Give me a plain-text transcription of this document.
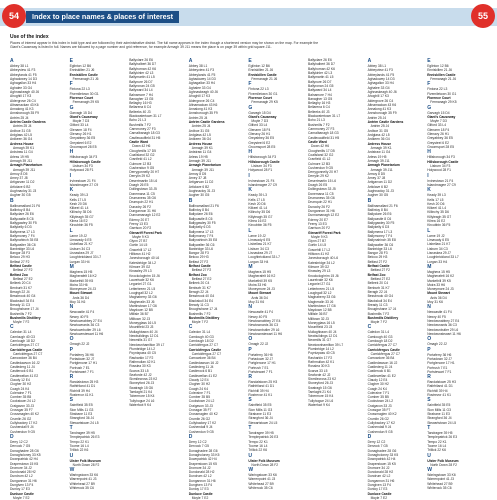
54	Index to place names & places of interest	55
Use of the index
Places of interest appear in this index in bold type and are followed by their administrative district. The full name appears in the index though a shortened version may be shown on the map. For example the Giant's Causeway is listed in full. Names are followed by a page number and grid reference, for example Armagh 39 J11 means the place is on page 39 within grid square J11.
A
Abbey 38 L1
Abbeyview 41 F3
Abbeylands 41 F5
Aghadowey 14 D3
Aghagallon 33 H4
Aghalee 33 G4
Aghnaskeagh 40 J6
Ahoghill 17 K3
Aldergrove 26 C4
Altnamackan 43 K6
Annalong 41 K3
Annsborough 35 F9
Antrim 25 J4
Antrim Castle Gardens
Antrim 25 J4
Ardboe 31 G5
Ardglass 42 L5
Ardkeen 36 G4
Ardress House
Armagh 39 K1
Ardstraw 11 G4
Arless 19 H5
Armagh 39 J11
Armagh Planetarium
Armagh 39 J11
Armoy 8 D5
Arney 37 J8
Artigarvan 11 D2
Articlave 6 B2
Aughnacloy 31 J3
Augher 30 G5
B
Ballinamallard 21 F6
Ballintoy 8 B4
Ballyclare 26 E6
Ballycastle 8 C6
Ballygawley 30 F5
Ballykelly 6 D3
Ballymena 17 L3
Ballymoney 7 F4
Ballynahinch 35 E8
Ballywalter 36 C6
Banbridge 33 L6
Bangor 28 F3
Belcoo 29 H3
Belfast 27 F2
Belfast Castle
Belfast 27 F2
Belfast Zoo
Belfast 27 E2
Belleek 20 C4
Benburb 31 K7
Beragh 22 J4
Bessbrook 40 G4
Blackskull 34 E4
Bready 11 C3
Broughshane 17 J4
Bushmills 7 F2
Bushmills Distillery
Moyle 7 F2
C
Caledon 31 L4
Camlough 40 G3
Carnlough 18 D2
Carrickfergus 27 C7
Carrickfergus Castle
Carrickfergus 27 C7
Carrowdore 36 B4
Castledawson 16 J2
Castlederg 11 J4
Castlerock 6 B1
Castlewellan 41 E2
Claudy 12 E4
Clogher 30 H2
Coagh 24 K4
Coleraine 7 F1
Comber 35 B5
Cookstown 24 L2
Craigavon 33 J3
Crossgar 35 F7
Crossmaglen 40 K2
Crumlin 26 G2
Cullybackey 17 K2
Cushendall 9 J4
Cushendun 9 G5
D
Derry 12 C2
Dervock 7 G5
Donaghadee 28 G6
Donaghcloney 33 K5
Downpatrick 42 H4
Draperstown 15 K5
Dromore 34 J2
Dundonald 28 H2
Dundrum 42 L2
Dungannon 31 H6
Dungiven 13 F4
Dunloy 17 E3
Dunluce Castle
Moyle 7 E2
E
Eglinton 12 B6
Enniskillen 21 J6
Enniskillen Castle
Fermanagh 21 J6
F
Fintona 22 L3
Fivemiletown 30 G1
Florence Court
Fermanagh 29 K5
G
Garvagh 15 D4
Giant's Causeway
Moyle 7 D3
Gilford 33 L4
Glenarm 18 F4
Glenavy 26 H1
Greyabbey 36 E5
Greysteel 6 E2
Groomsport 28 E5
H
Hillsborough 34 F3
Hillsborough Castle
Lisburn 34 F3
Holywood 28 F1
I
Irvinestown 21 F4
Islandmagee 27 C9
K
Keady 39 L3
Kells 17 L5
Kesh 20 D6
Kilkeel 41 L4
Killinchy 35 D6
Killyleagh 35 G7
Kilrea 16 E2
Kircubbin 36 F5
L
Larne 19 J2
Limavady 6 E5
Lisbellaw 21 K7
Lisburn 34 C3
Lisnaskea 29 J7
Loughbrickland 33 L7
Lurgan 33 H4
M
Maghera 15 H5
Magherafelt 16 K2
Markethill 39 K5
Moira 33 H6
Moneymore 24 J3
Mount Stewart
Ards 36 D4
Moy 31 K6
N
Newcastle 41 F4
Newry 40 F5
Newtownabbey 27 E4
Newtownards 36 C3
Newtownbutler 29 L6
Newtownstewart 11 H6
O
Omagh 22 J2
P
Portaferry 36 H6
Portadown 32 J7
Portglenone 17 H1
Portrush 7 E1
Portstewart 7 F1
R
Randalstown 25 H3
Rathfriland 41 D1
Richhill 39 H4
Rostrevor 41 K1
S
Saintfield 35 E5
Sion Mills 11 G3
Strabane 11 E3
Strangford 36 J4
Stewartstown 24 L5
T
Tandragee 39 H5
Templepatrick 26 E3
Tempo 22 K1
Toome 16 L4
Trillick 22 K6
U
Ulster Folk Museum
North Down 28 F2
W
Waringstown 33 K6
Warrenpoint 41 J3
Whitehead 27 B9
Whiterock 35 C6
Ballyclare 26 E6
Ballyhalbert 36 D7
Ballyhornan 42 K6
Ballykinler 42 L3
Ballymartin 41 L5
Ballynure 26 D7
Ballyronan 24 G5
Ballyward 34 L4
Balnamore 7 H4
Banagher 13 G5
Bellaghy 16 H3
Bellarena 6 C4
Belleeks 40 J3
Blackwatertown 31 L7
Boho 21 L3
Bushmills 7 F2
Carnmoney 27 F3
Carnalbanagh 18 G3
Castlecaulfield 31 H5
Castle Ward
Down 42 H6
Cloughmills 17 D5
Coalisland 32 G2
Cranfield 41 L2
Culmore 12 B3
Cushendun 9 G5
Derrygonnelly 20 H7
Derrylin 29 K2
Desertmartin 15 L6
Doagh 26 E5
Dollingstown 33 J5
Donemana 11 C5
Drumaness 35 G6
Drumquin 22 H1
Dunadry 26 F2
Dungannon 31 H6
Dunnamanagh 12 E2
Ederny 20 E7
Feeny 13 E3
Garrison 20 F2
Glenariff Forest Park
Moyle 9 K3
Glynn 27 B7
Gortin 14 L5
Gracehill 17 L2
Hilltown 41 H2
Jonesborough 40 L6
Katesbridge 34 L2
Kilmore 39 G2
Kinawley 29 L3
Knockcloghrim 15 J6
Laurelvale 32 K6
Legoniel 27 G1
Letterbreen 21 L5
Loughgall 32 L2
Maghaberry 33 G6
Magheralin 33 J6
Martinstown 17 G6
Maydown 12 B5
Millisle 36 B7
Milltown 32 J3
Moneyglass 16 L5
Mountfield 23 J3
Mullaghbawn 40 J4
Newbuildings 12 D1
Newmills 31 G7
Newtownhamilton 39 L7
Plumbridge 14 L2
Poyntzpass 40 C5
Rasharkin 17 F2
Rathmullan 42 K1
Rosslea 30 K3
Scarva 33 L5
Seaforde 42 J2
Sixmilecross 23 K2
Stoneyford 26 J3
Swatragh 15 G6
Tamlaght 21 K4
Tobermore 15 K4
Tullyhogue 24 L6
Waterfoot 9 K4
A
Abbey 38 L1
Abbeyview 41 F3
Abbeylands 41 F5
Aghadowey 14 D3
Aghagallon 33 H4
Aghalee 33 G4
Aghnaskeagh 40 J6
Ahoghill 17 K3
Aldergrove 26 C4
Altnamackan 43 K6
Annalong 41 K3
Annsborough 35 F9
Antrim 25 J4
Antrim Castle Gardens
Antrim 25 J4
Ardboe 31 G5
Ardglass 42 L5
Ardkeen 36 G4
Ardress House
Armagh 39 K1
Ardstraw 11 G4
Arless 19 H5
Armagh 39 J11
Armagh Planetarium
Armagh 39 J11
Armoy 8 D5
Arney 37 J8
Artigarvan 11 D2
Articlave 6 B2
Aughnacloy 31 J3
Augher 30 G5
B
Ballinamallard 21 F6
Ballintoy 8 B4
Ballyclare 26 E6
Ballycastle 8 C6
Ballygawley 30 F5
Ballykelly 6 D3
Ballymena 17 L3
Ballymoney 7 F4
Ballynahinch 35 E8
Ballywalter 36 C6
Banbridge 33 L6
Bangor 28 F3
Belcoo 29 H3
Belfast 27 F2
Belfast Castle
Belfast 27 F2
Belfast Zoo
Belfast 27 E2
Belleek 20 C4
Benburb 31 K7
Beragh 22 J4
Bessbrook 40 G4
Blackskull 34 E4
Bready 11 C3
Broughshane 17 J4
Bushmills 7 F2
Bushmills Distillery
Moyle 7 F2
C
Caledon 31 L4
Camlough 40 G3
Carnlough 18 D2
Carrickfergus 27 C7
Carrickfergus Castle
Carrickfergus 27 C7
Carrowdore 36 B4
Castledawson 16 J2
Castlederg 11 J4
Castlerock 6 B1
Castlewellan 41 E2
Claudy 12 E4
Clogher 30 H2
Coagh 24 K4
Coleraine 7 F1
Comber 35 B5
Cookstown 24 L2
Craigavon 33 J3
Crossgar 35 F7
Crossmaglen 40 K2
Crumlin 26 G2
Cullybackey 17 K2
Cushendall 9 J4
Cushendun 9 G5
D
Derry 12 C2
Dervock 7 G5
Donaghadee 28 G6
Donaghcloney 33 K5
Downpatrick 42 H4
Draperstown 15 K5
Dromore 34 J2
Dundonald 28 H2
Dundrum 42 L2
Dungannon 31 H6
Dungiven 13 F4
Dunloy 17 E3
Dunluce Castle
Moyle 7 E2
E
Eglinton 12 B6
Enniskillen 21 J6
Enniskillen Castle
Fermanagh 21 J6
F
Fintona 22 L3
Fivemiletown 30 G1
Florence Court
Fermanagh 29 K5
G
Garvagh 15 D4
Giant's Causeway
Moyle 7 D3
Gilford 33 L4
Glenarm 18 F4
Glenavy 26 H1
Greyabbey 36 E5
Greysteel 6 E2
Groomsport 28 E5
H
Hillsborough 34 F3
Hillsborough Castle
Lisburn 34 F3
Holywood 28 F1
I
Irvinestown 21 F4
Islandmagee 27 C9
K
Keady 39 L3
Kells 17 L5
Kesh 20 D6
Kilkeel 41 L4
Killinchy 35 D6
Killyleagh 35 G7
Kilrea 16 E2
Kircubbin 36 F5
L
Larne 19 J2
Limavady 6 E5
Lisbellaw 21 K7
Lisburn 34 C3
Lisnaskea 29 J7
Loughbrickland 33 L7
Lurgan 33 H4
M
Maghera 15 H5
Magherafelt 16 K2
Markethill 39 K5
Moira 33 H6
Moneymore 24 J3
Mount Stewart
Ards 36 D4
Moy 31 K6
N
Newcastle 41 F4
Newry 40 F5
Newtownabbey 27 E4
Newtownards 36 C3
Newtownbutler 29 L6
Newtownstewart 11 H6
O
Omagh 22 J2
P
Portaferry 36 H6
Portadown 32 J7
Portglenone 17 H1
Portrush 7 E1
Portstewart 7 F1
R
Randalstown 25 H3
Rathfriland 41 D1
Richhill 39 H4
Rostrevor 41 K1
S
Saintfield 35 E5
Sion Mills 11 G3
Strabane 11 E3
Strangford 36 J4
Stewartstown 24 L5
T
Tandragee 39 H5
Templepatrick 26 E3
Tempo 22 K1
Toome 16 L4
Trillick 22 K6
U
Ulster Folk Museum
North Down 28 F2
W
Waringstown 33 K6
Warrenpoint 41 J3
Whitehead 27 B9
Whiterock 35 C6
Ballyclare 26 E6
Ballyhalbert 36 D7
Ballyhornan 42 K6
Ballykinler 42 L3
Ballymartin 41 L5
Ballynure 26 D7
Ballyronan 24 G5
Ballyward 34 L4
Balnamore 7 H4
Banagher 13 G5
Bellaghy 16 H3
Bellarena 6 C4
Belleeks 40 J3
Blackwatertown 31 L7
Boho 21 L3
Bushmills 7 F2
Carnmoney 27 F3
Carnalbanagh 18 G3
Castlecaulfield 31 H5
Castle Ward
Down 42 H6
Cloughmills 17 D5
Coalisland 32 G2
Cranfield 41 L2
Culmore 12 B3
Cushendun 9 G5
Derrygonnelly 20 H7
Derrylin 29 K2
Desertmartin 15 L6
Doagh 26 E5
Dollingstown 33 J5
Donemana 11 C5
Drumaness 35 G6
Drumquin 22 H1
Dunadry 26 F2
Dungannon 31 H6
Dunnamanagh 12 E2
Ederny 20 E7
Feeny 13 E3
Garrison 20 F2
Glenariff Forest Park
Moyle 9 K3
Glynn 27 B7
Gortin 14 L5
Gracehill 17 L2
Hilltown 41 H2
Jonesborough 40 L6
Katesbridge 34 L2
Kilmore 39 G2
Kinawley 29 L3
Knockcloghrim 15 J6
Laurelvale 32 K6
Legoniel 27 G1
Letterbreen 21 L5
Loughgall 32 L2
Maghaberry 33 G6
Magheralin 33 J6
Martinstown 17 G6
Maydown 12 B5
Millisle 36 B7
Milltown 32 J3
Moneyglass 16 L5
Mountfield 23 J3
Mullaghbawn 40 J4
Newbuildings 12 D1
Newmills 31 G7
Newtownhamilton 39 L7
Plumbridge 14 L2
Poyntzpass 40 C5
Rasharkin 17 F2
Rathmullan 42 K1
Rosslea 30 K3
Scarva 33 L5
Seaforde 42 J2
Sixmilecross 23 K2
Stoneyford 26 J3
Swatragh 15 G6
Tamlaght 21 K4
Tobermore 15 K4
Tullyhogue 24 L6
Waterfoot 9 K4
A
Abbey 38 L1
Abbeyview 41 F3
Abbeylands 41 F5
Aghadowey 14 D3
Aghagallon 33 H4
Aghalee 33 G4
Aghnaskeagh 40 J6
Ahoghill 17 K3
Aldergrove 26 C4
Altnamackan 43 K6
Annalong 41 K3
Annsborough 35 F9
Antrim 25 J4
Antrim Castle Gardens
Antrim 25 J4
Ardboe 31 G5
Ardglass 42 L5
Ardkeen 36 G4
Ardress House
Armagh 39 K1
Ardstraw 11 G4
Arless 19 H5
Armagh 39 J11
Armagh Planetarium
Armagh 39 J11
Armoy 8 D5
Arney 37 J8
Artigarvan 11 D2
Articlave 6 B2
Aughnacloy 31 J3
Augher 30 G5
B
Ballinamallard 21 F6
Ballintoy 8 B4
Ballyclare 26 E6
Ballycastle 8 C6
Ballygawley 30 F5
Ballykelly 6 D3
Ballymena 17 L3
Ballymoney 7 F4
Ballynahinch 35 E8
Ballywalter 36 C6
Banbridge 33 L6
Bangor 28 F3
Belcoo 29 H3
Belfast 27 F2
Belfast Castle
Belfast 27 F2
Belfast Zoo
Belfast 27 E2
Belleek 20 C4
Benburb 31 K7
Beragh 22 J4
Bessbrook 40 G4
Blackskull 34 E4
Bready 11 C3
Broughshane 17 J4
Bushmills 7 F2
Bushmills Distillery
Moyle 7 F2
C
Caledon 31 L4
Camlough 40 G3
Carnlough 18 D2
Carrickfergus 27 C7
Carrickfergus Castle
Carrickfergus 27 C7
Carrowdore 36 B4
Castledawson 16 J2
Castlederg 11 J4
Castlerock 6 B1
Castlewellan 41 E2
Claudy 12 E4
Clogher 30 H2
Coagh 24 K4
Coleraine 7 F1
Comber 35 B5
Cookstown 24 L2
Craigavon 33 J3
Crossgar 35 F7
Crossmaglen 40 K2
Crumlin 26 G2
Cullybackey 17 K2
Cushendall 9 J4
Cushendun 9 G5
D
Derry 12 C2
Dervock 7 G5
Donaghadee 28 G6
Donaghcloney 33 K5
Downpatrick 42 H4
Draperstown 15 K5
Dromore 34 J2
Dundonald 28 H2
Dundrum 42 L2
Dungannon 31 H6
Dungiven 13 F4
Dunloy 17 E3
Dunluce Castle
Moyle 7 E2
E
Eglinton 12 B6
Enniskillen 21 J6
Enniskillen Castle
Fermanagh 21 J6
F
Fintona 22 L3
Fivemiletown 30 G1
Florence Court
Fermanagh 29 K5
G
Garvagh 15 D4
Giant's Causeway
Moyle 7 D3
Gilford 33 L4
Glenarm 18 F4
Glenavy 26 H1
Greyabbey 36 E5
Greysteel 6 E2
Groomsport 28 E5
H
Hillsborough 34 F3
Hillsborough Castle
Lisburn 34 F3
Holywood 28 F1
I
Irvinestown 21 F4
Islandmagee 27 C9
K
Keady 39 L3
Kells 17 L5
Kesh 20 D6
Kilkeel 41 L4
Killinchy 35 D6
Killyleagh 35 G7
Kilrea 16 E2
Kircubbin 36 F5
L
Larne 19 J2
Limavady 6 E5
Lisbellaw 21 K7
Lisburn 34 C3
Lisnaskea 29 J7
Loughbrickland 33 L7
Lurgan 33 H4
M
Maghera 15 H5
Magherafelt 16 K2
Markethill 39 K5
Moira 33 H6
Moneymore 24 J3
Mount Stewart
Ards 36 D4
Moy 31 K6
N
Newcastle 41 F4
Newry 40 F5
Newtownabbey 27 E4
Newtownards 36 C3
Newtownbutler 29 L6
Newtownstewart 11 H6
O
Omagh 22 J2
P
Portaferry 36 H6
Portadown 32 J7
Portglenone 17 H1
Portrush 7 E1
Portstewart 7 F1
R
Randalstown 25 H3
Rathfriland 41 D1
Richhill 39 H4
Rostrevor 41 K1
S
Saintfield 35 E5
Sion Mills 11 G3
Strabane 11 E3
Strangford 36 J4
Stewartstown 24 L5
T
Tandragee 39 H5
Templepatrick 26 E3
Tempo 22 K1
Toome 16 L4
Trillick 22 K6
U
Ulster Folk Museum
North Down 28 F2
W
Waringstown 33 K6
Warrenpoint 41 J3
Whitehead 27 B9
Whiterock 35 C6
